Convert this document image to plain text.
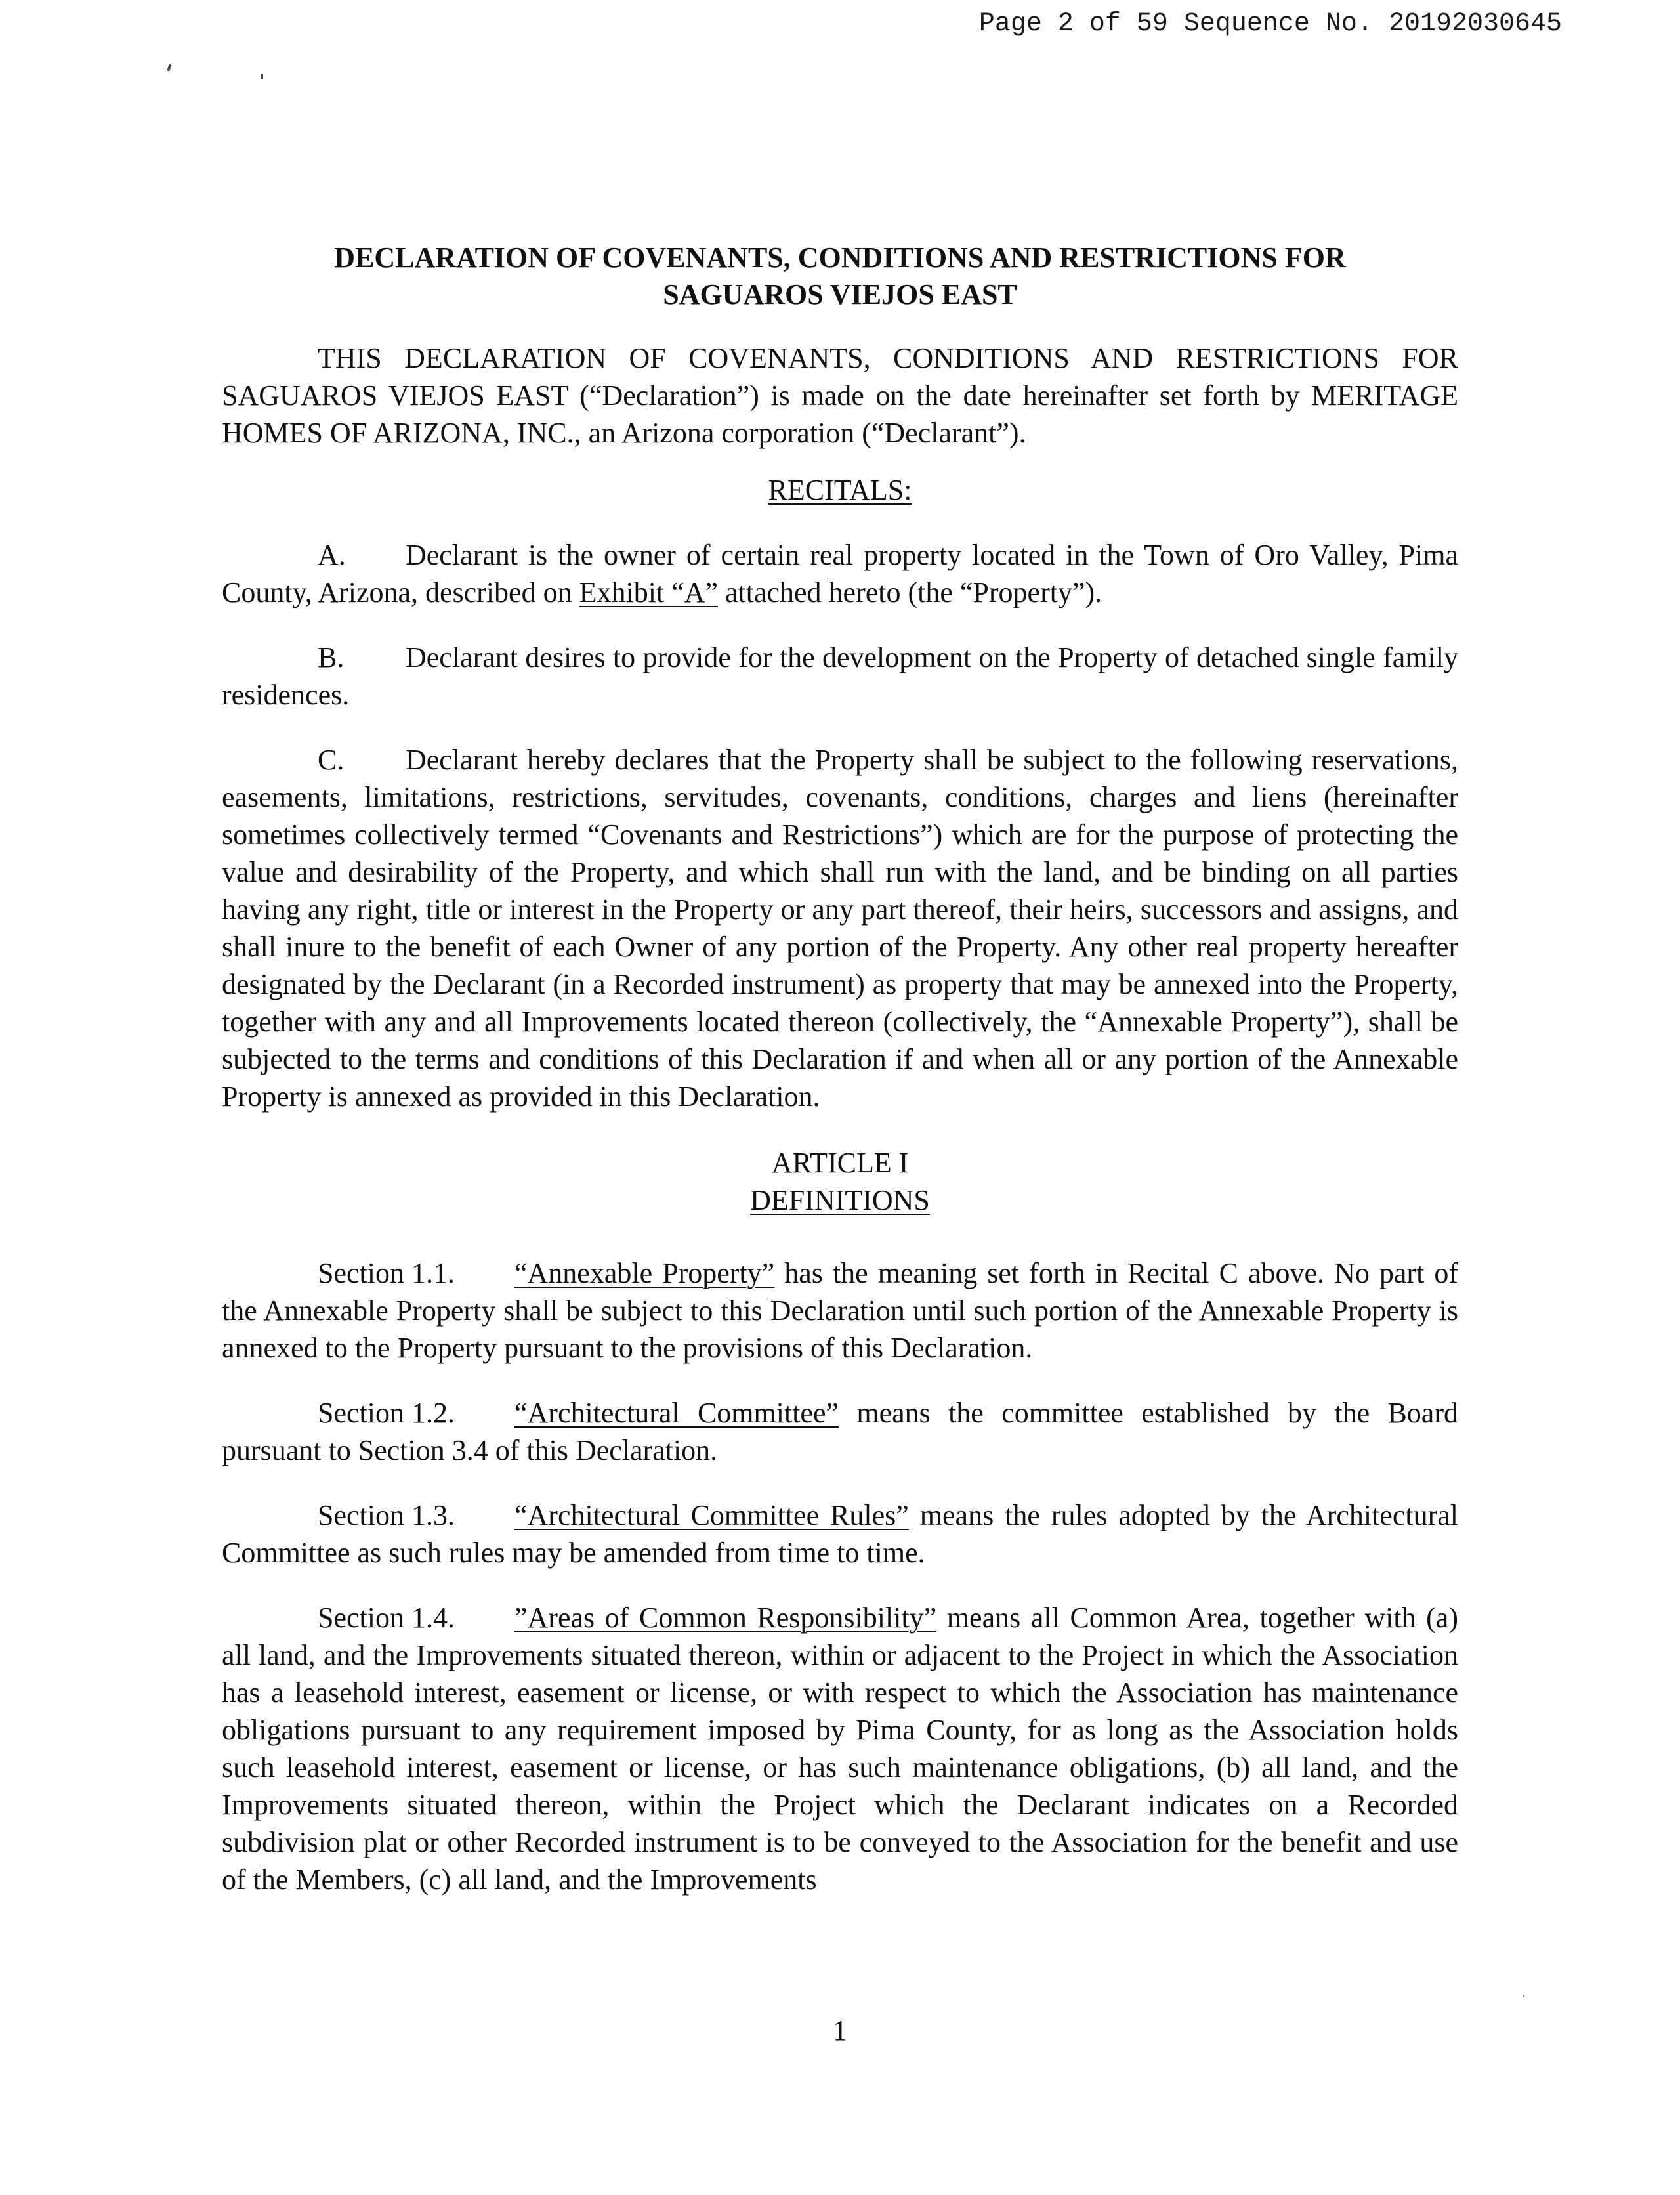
Page 2 of 59 Sequence No. 20192030645

DECLARATION OF COVENANTS, CONDITIONS AND RESTRICTIONS FOR

SAGUAROS VIEJOS EAST

THIS DECLARATION OF COVENANTS, CONDITIONS AND RESTRICTIONS FOR SAGUAROS VIEJOS EAST (“Declaration”) is made on the date hereinafter set forth by MERITAGE HOMES OF ARIZONA, INC., an Arizona corporation (“Declarant”).

RECITALS:

A. Declarant is the owner of certain real property located in the Town of Oro Valley, Pima County, Arizona, described on Exhibit “A” attached hereto (the “Property”).

B. Declarant desires to provide for the development on the Property of detached single family residences.

C. Declarant hereby declares that the Property shall be subject to the following reservations, easements, limitations, restrictions, servitudes, covenants, conditions, charges and liens (hereinafter sometimes collectively termed “Covenants and Restrictions”) which are for the purpose of protecting the value and desirability of the Property, and which shall run with the land, and be binding on all parties having any right, title or interest in the Property or any part thereof, their heirs, successors and assigns, and shall inure to the benefit of each Owner of any portion of the Property. Any other real property hereafter designated by the Declarant (in a Recorded instrument) as property that may be annexed into the Property, together with any and all Improvements located thereon (collectively, the “Annexable Property”), shall be subjected to the terms and conditions of this Declaration if and when all or any portion of the Annexable Property is annexed as provided in this Declaration.

ARTICLE I

DEFINITIONS

Section 1.1. “Annexable Property” has the meaning set forth in Recital C above. No part of the Annexable Property shall be subject to this Declaration until such portion of the Annexable Property is annexed to the Property pursuant to the provisions of this Declaration.

Section 1.2. “Architectural Committee” means the committee established by the Board pursuant to Section 3.4 of this Declaration.

Section 1.3. “Architectural Committee Rules” means the rules adopted by the Architectural Committee as such rules may be amended from time to time.

Section 1.4. ”Areas of Common Responsibility” means all Common Area, together with (a) all land, and the Improvements situated thereon, within or adjacent to the Project in which the Association has a leasehold interest, easement or license, or with respect to which the Association has maintenance obligations pursuant to any requirement imposed by Pima County, for as long as the Association holds such leasehold interest, easement or license, or has such maintenance obligations, (b) all land, and the Improvements situated thereon, within the Project which the Declarant indicates on a Recorded subdivision plat or other Recorded instrument is to be conveyed to the Association for the benefit and use of the Members, (c) all land, and the Improvements

1
